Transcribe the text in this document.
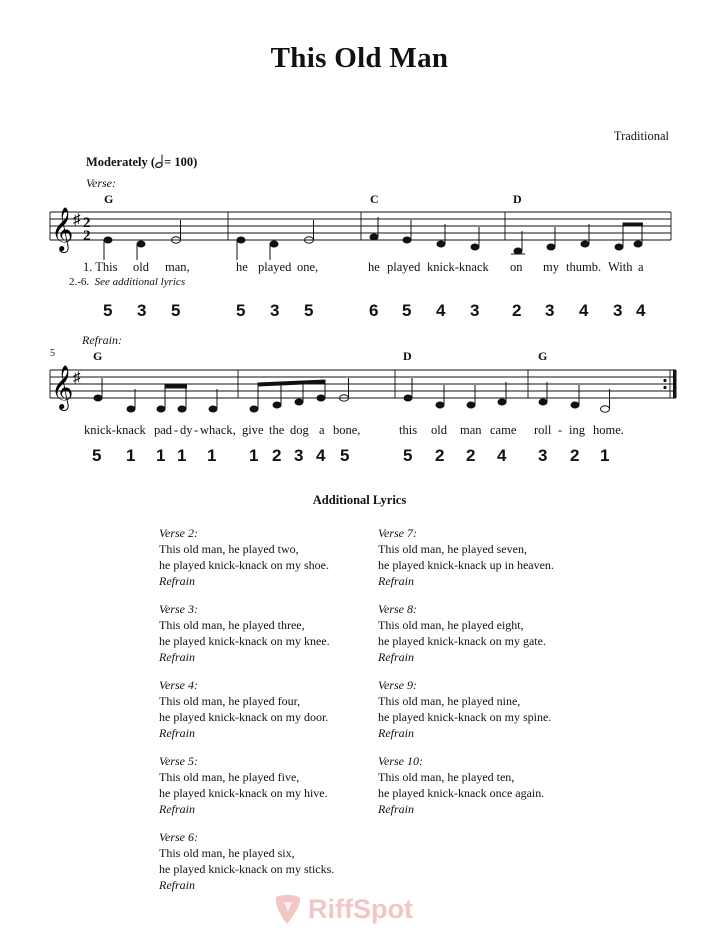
This Old Man
Traditional
Moderately ( = 100)
Verse:
Refrain:
5
G	C	D
G	D	G
𝄞 ♯ 2
2
𝄞 ♯
1. This old man,	he played one,	he played knick-knack on my thumb. With a
2.-6. See additional lyrics
5 3 5	5 3 5	6 5 4 3 2 3 4 3 4
knick-knack pad - dy - whack, give the dog a bone,	this old man came roll - ing home.
5 1 1 1 1 1 2 3 4 5	5 2 2 4 3 2 1
Additional Lyrics
Verse 2:
This old man, he played two,
he played knick-knack on my shoe.
Refrain
Verse 3:
This old man, he played three,
he played knick-knack on my knee.
Refrain
Verse 4:
This old man, he played four,
he played knick-knack on my door.
Refrain
Verse 5:
This old man, he played five,
he played knick-knack on my hive.
Refrain
Verse 6:
This old man, he played six,
he played knick-knack on my sticks.
Refrain
Verse 7:
This old man, he played seven,
he played knick-knack up in heaven.
Refrain
Verse 8:
This old man, he played eight,
he played knick-knack on my gate.
Refrain
Verse 9:
This old man, he played nine,
he played knick-knack on my spine.
Refrain
Verse 10:
This old man, he played ten,
he played knick-knack once again.
Refrain
RiffSpot
